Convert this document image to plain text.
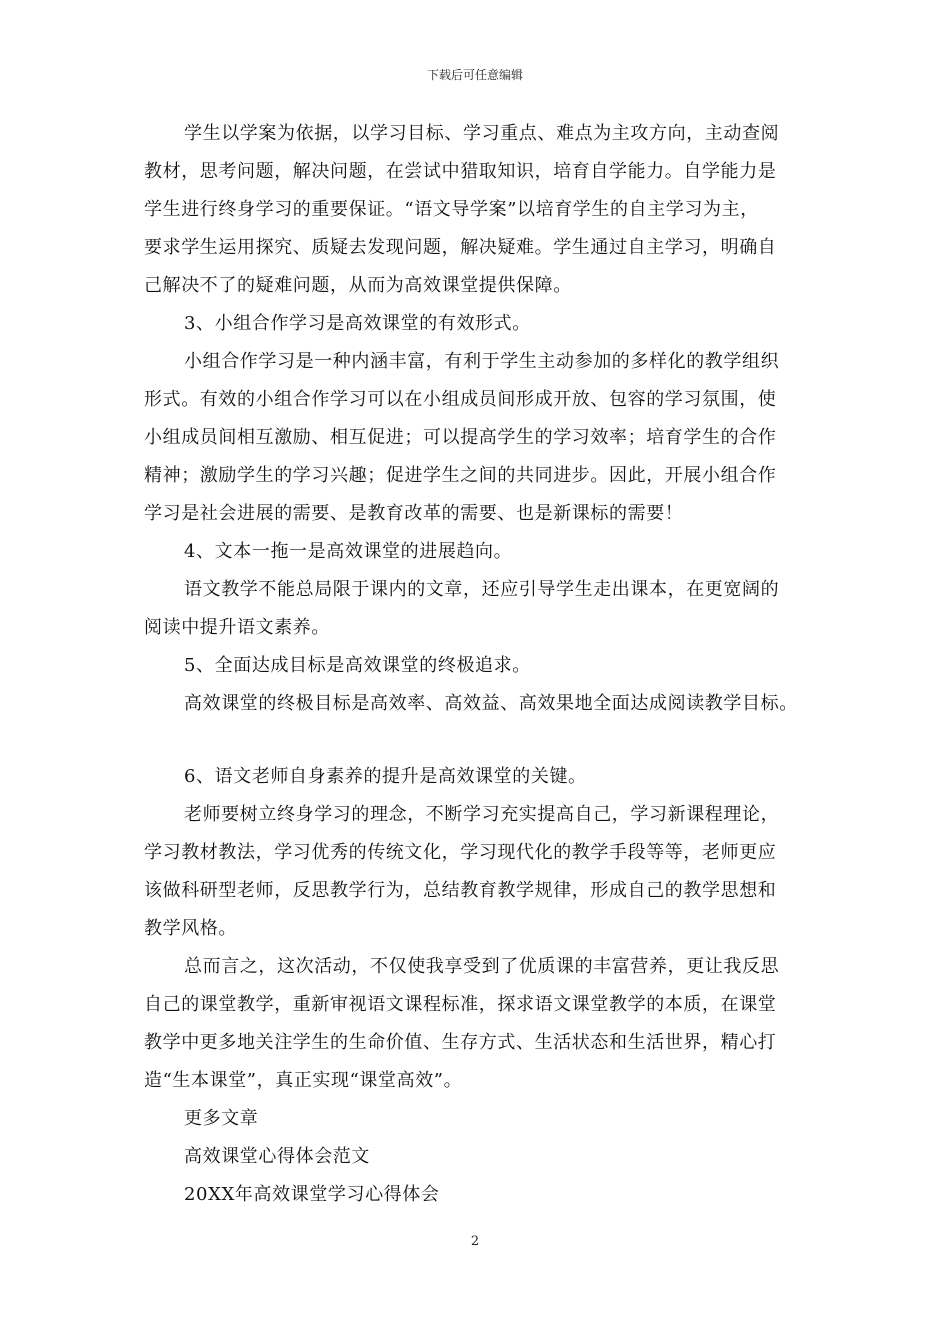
下载后可任意编辑
学生以学案为依据，以学习目标、学习重点、难点为主攻方向，主动查阅
教材，思考问题，解决问题，在尝试中猎取知识，培育自学能力。自学能力是
学生进行终身学习的重要保证。“语文导学案”以培育学生的自主学习为主，
要求学生运用探究、质疑去发现问题，解决疑难。学生通过自主学习，明确自
己解决不了的疑难问题，从而为高效课堂提供保障。
3、小组合作学习是高效课堂的有效形式。
小组合作学习是一种内涵丰富，有利于学生主动参加的多样化的教学组织
形式。有效的小组合作学习可以在小组成员间形成开放、包容的学习氛围，使
小组成员间相互激励、相互促进；可以提高学生的学习效率；培育学生的合作
精神；激励学生的学习兴趣；促进学生之间的共同进步。因此，开展小组合作
学习是社会进展的需要、是教育改革的需要、也是新课标的需要！
4、文本一拖一是高效课堂的进展趋向。
语文教学不能总局限于课内的文章，还应引导学生走出课本，在更宽阔的
阅读中提升语文素养。
5、全面达成目标是高效课堂的终极追求。
高效课堂的终极目标是高效率、高效益、高效果地全面达成阅读教学目标。
6、语文老师自身素养的提升是高效课堂的关键。
老师要树立终身学习的理念，不断学习充实提高自己，学习新课程理论，
学习教材教法，学习优秀的传统文化，学习现代化的教学手段等等，老师更应
该做科研型老师，反思教学行为，总结教育教学规律，形成自己的教学思想和
教学风格。
总而言之，这次活动，不仅使我享受到了优质课的丰富营养，更让我反思
自己的课堂教学，重新审视语文课程标准，探求语文课堂教学的本质，在课堂
教学中更多地关注学生的生命价值、生存方式、生活状态和生活世界，精心打
造“生本课堂”，真正实现“课堂高效”。
更多文章
高效课堂心得体会范文
20XX年高效课堂学习心得体会
2
